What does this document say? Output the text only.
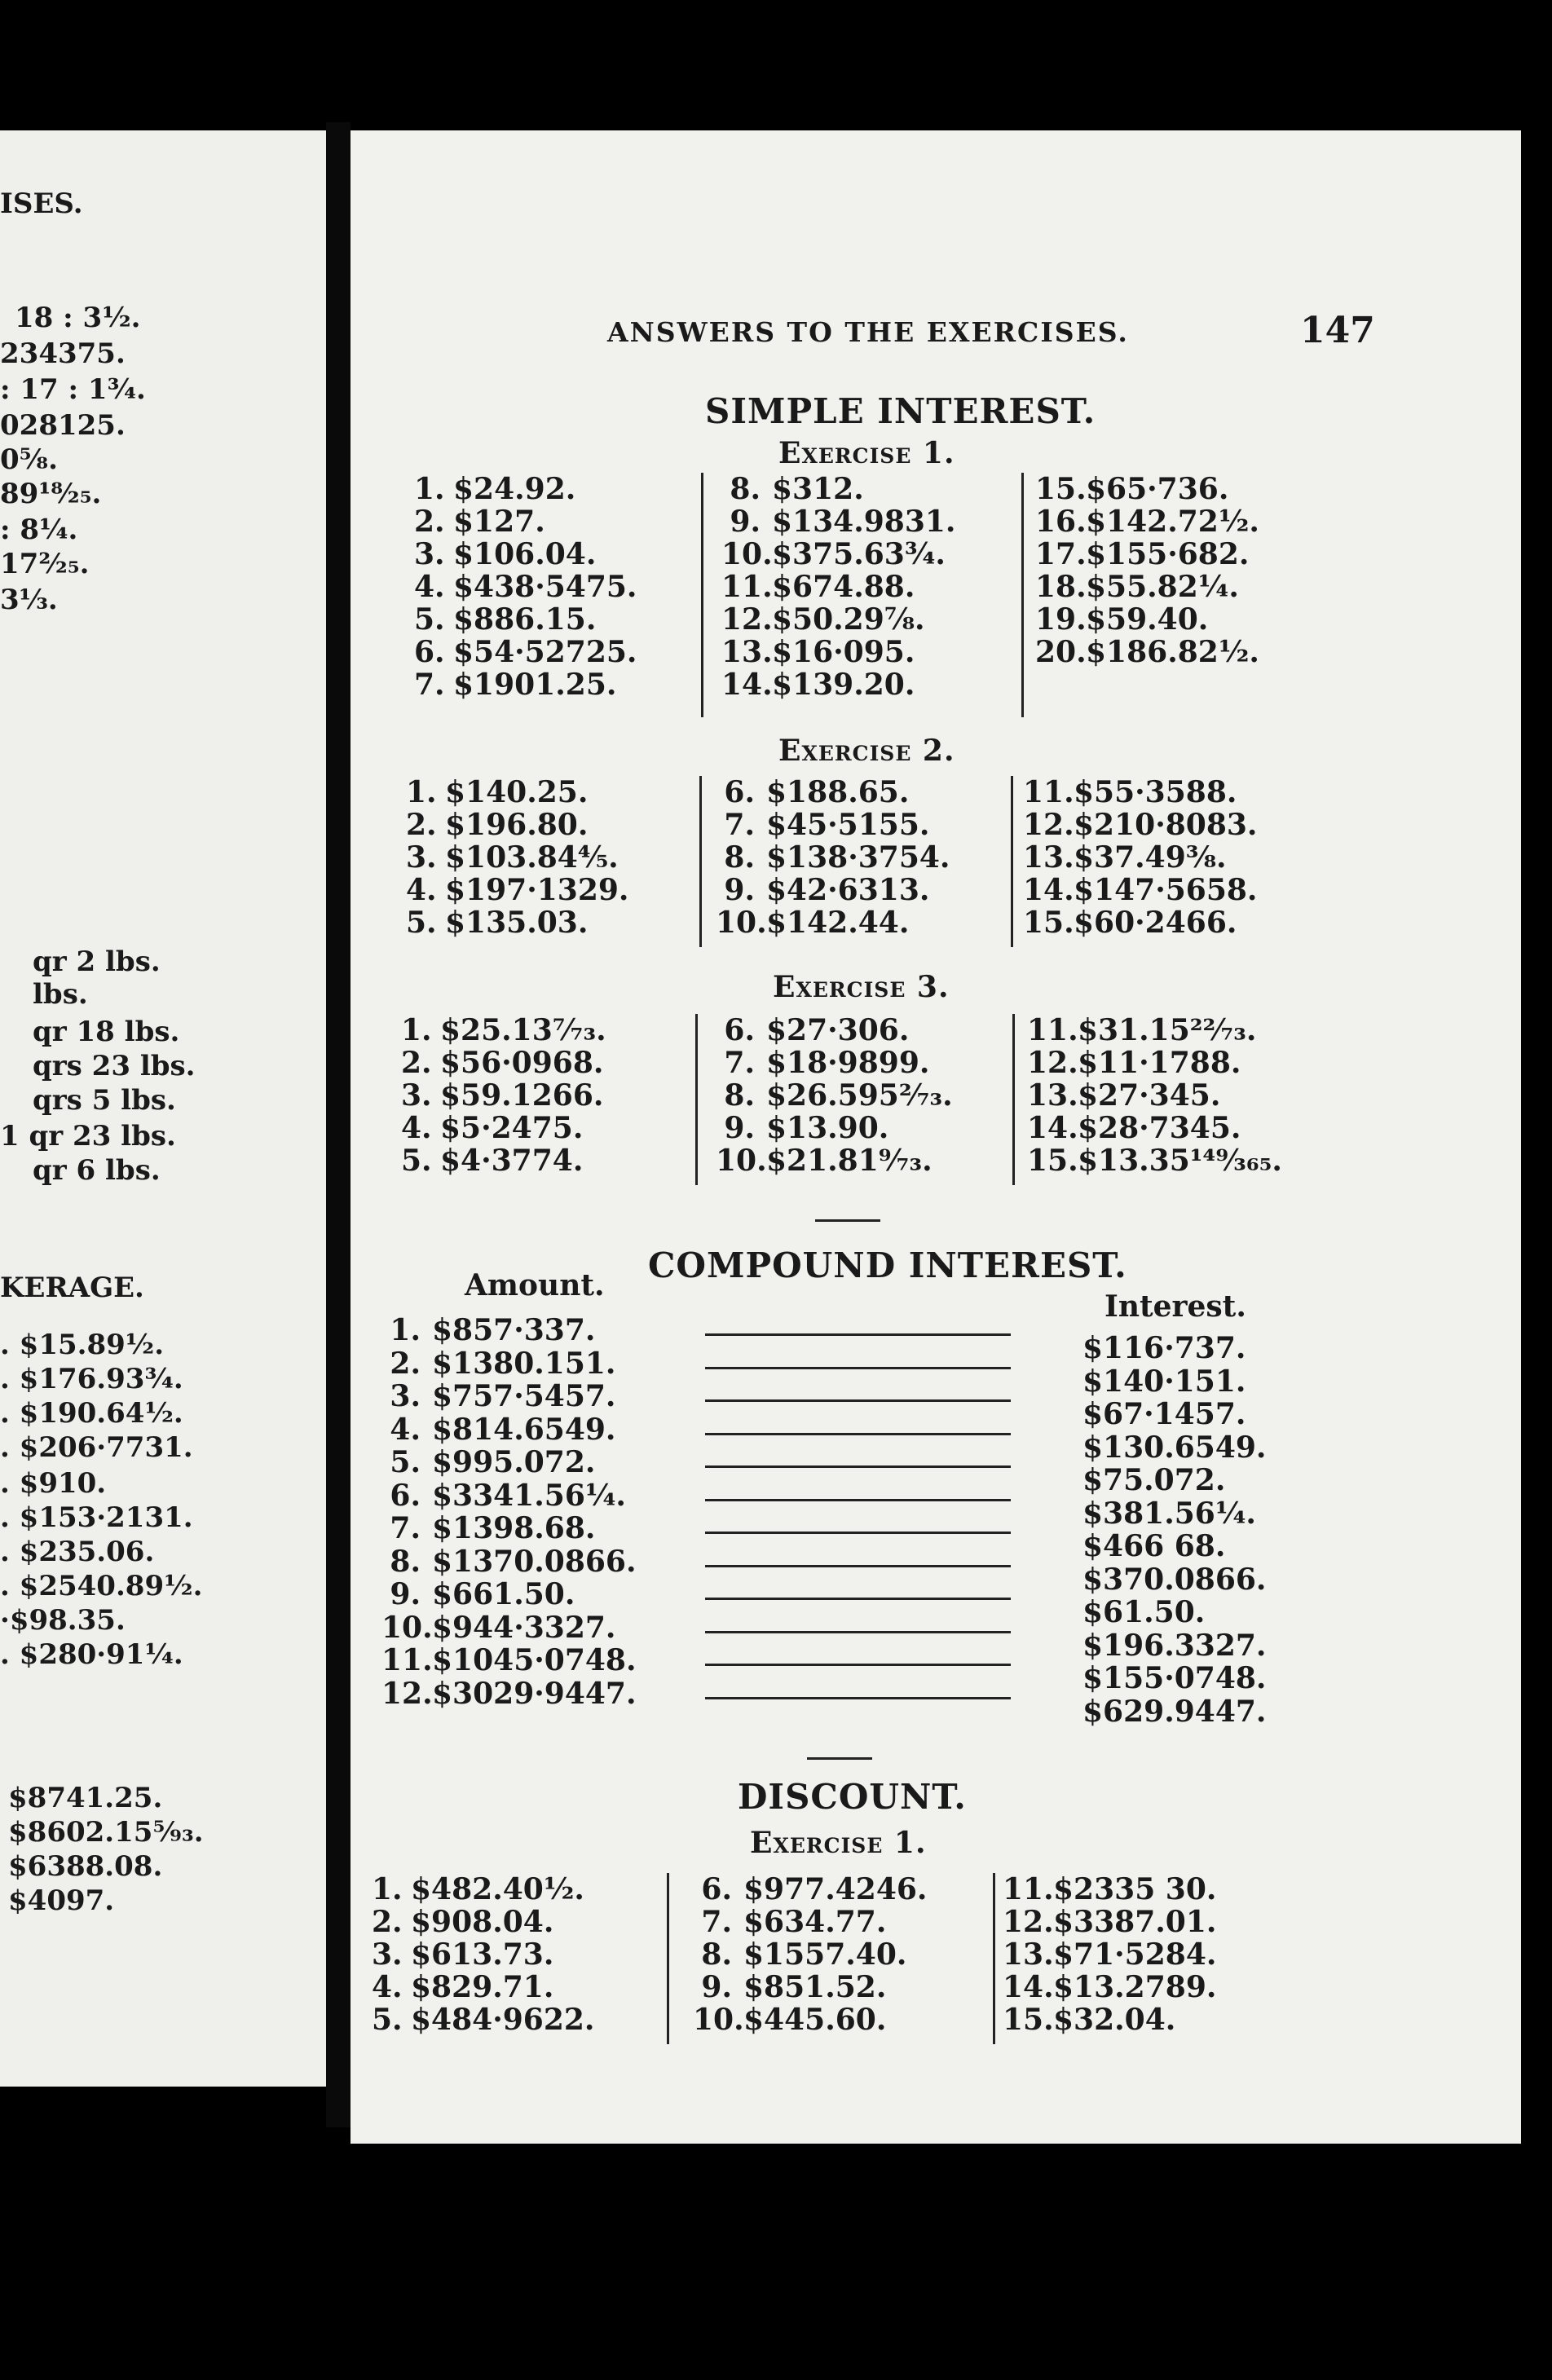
ISES.
18 : 3½.
234375.
: 17 : 1¾.
028125.
0⁵⁄₈.
89¹⁸⁄₂₅.
: 8¼.
17²⁄₂₅.
3⅓.
qr 2 lbs.
lbs.
qr 18 lbs.
qrs 23 lbs.
qrs 5 lbs.
1 qr 23 lbs.
qr 6 lbs.
KERAGE.
. $15.89½.
. $176.93¾.
. $190.64½.
. $206·7731.
. $910.
. $153·2131.
. $235.06.
. $2540.89½.
·$98.35.
. $280·91¼.
$8741.25.
$8602.15⁵⁄₉₃.
$6388.08.
$4097.
ANSWERS TO THE EXERCISES.	147
SIMPLE INTEREST.
Exercise 1.
1. $24.92.
2. $127.
3. $106.04.
4. $438·5475.
5. $886.15.
6. $54·52725.
7. $1901.25.
8. $312.
9. $134.9831.
10.$375.63¾.
11.$674.88.
12.$50.29⅞.
13.$16·095.
14.$139.20.
15.$65·736.
16.$142.72½.
17.$155·682.
18.$55.82¼.
19.$59.40.
20.$186.82½.
Exercise 2.
1. $140.25.
2. $196.80.
3. $103.84⅘.
4. $197·1329.
5. $135.03.
6. $188.65.
7. $45·5155.
8. $138·3754.
9. $42·6313.
10.$142.44.
11.$55·3588.
12.$210·8083.
13.$37.49⅜.
14.$147·5658.
15.$60·2466.
Exercise 3.
1. $25.13⁷⁄₇₃.
2. $56·0968.
3. $59.1266.
4. $5·2475.
5. $4·3774.
6. $27·306.
7. $18·9899.
8. $26.595²⁄₇₃.
9. $13.90.
10.$21.81⁹⁄₇₃.
11.$31.15²²⁄₇₃.
12.$11·1788.
13.$27·345.
14.$28·7345.
15.$13.35¹⁴⁹⁄₃₆₅.
COMPOUND INTEREST.
Amount.
Interest.
1. $857·337.
$116·737.
2. $1380.151.
$140·151.
3. $757·5457.
$67·1457.
4. $814.6549.
$130.6549.
5. $995.072.
$75.072.
6. $3341.56¼.
$381.56¼.
7. $1398.68.
$466 68.
8. $1370.0866.
$370.0866.
9. $661.50.
$61.50.
10.$944·3327.
$196.3327.
11.$1045·0748.
$155·0748.
12.$3029·9447.
$629.9447.
DISCOUNT.
Exercise 1.
1. $482.40½.
2. $908.04.
3. $613.73.
4. $829.71.
5. $484·9622.
6. $977.4246.
7. $634.77.
8. $1557.40.
9. $851.52.
10.$445.60.
11.$2335 30.
12.$3387.01.
13.$71·5284.
14.$13.2789.
15.$32.04.
